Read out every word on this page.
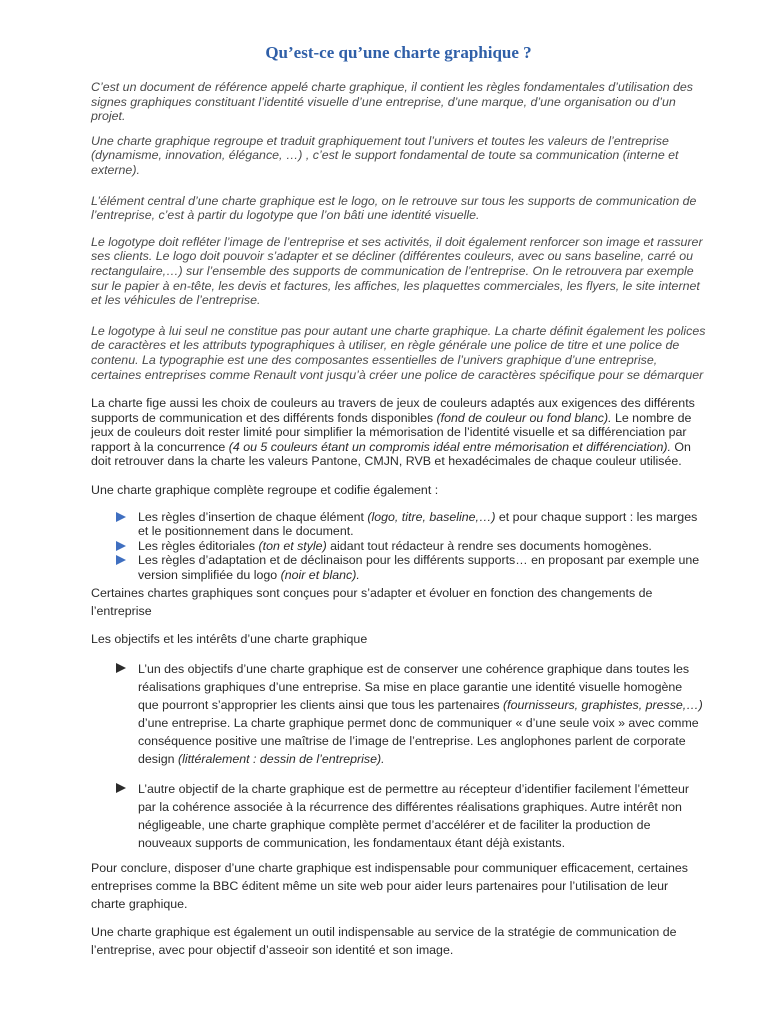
Qu’est-ce qu’une charte graphique ?

C’est un document de référence appelé charte graphique, il contient les règles fondamentales d’utilisation des signes graphiques constituant l’identité visuelle d’une entreprise, d’une marque, d’une organisation ou d’un projet.

Une charte graphique regroupe et traduit graphiquement tout l’univers et toutes les valeurs de l’entreprise (dynamisme, innovation, élégance, …) , c’est le support fondamental de toute sa communication (interne et externe).

L’élément central d’une charte graphique est le logo, on le retrouve sur tous les supports de communication de l’entreprise, c’est à partir du logotype que l’on bâti une identité visuelle.

Le logotype doit refléter l’image de l’entreprise et ses activités, il doit également renforcer son image et rassurer ses clients. Le logo doit pouvoir s’adapter et se décliner (différentes couleurs, avec ou sans baseline, carré ou rectangulaire,…) sur l’ensemble des supports de communication de l’entreprise. On le retrouvera par exemple sur le papier à en-tête, les devis et factures, les affiches, les plaquettes commerciales, les flyers, le site internet et les véhicules de l’entreprise.

Le logotype à lui seul ne constitue pas pour autant une charte graphique. La charte définit également les polices de caractères et les attributs typographiques à utiliser, en règle générale une police de titre et une police de contenu. La typographie est une des composantes essentielles de l’univers graphique d’une entreprise, certaines entreprises comme Renault vont jusqu’à créer une police de caractères spécifique pour se démarquer

La charte fige aussi les choix de couleurs au travers de jeux de couleurs adaptés aux exigences des différents supports de communication et des différents fonds disponibles (fond de couleur ou fond blanc). Le nombre de jeux de couleurs doit rester limité pour simplifier la mémorisation de l’identité visuelle et sa différenciation par rapport à la concurrence (4 ou 5 couleurs étant un compromis idéal entre mémorisation et différenciation). On doit retrouver dans la charte les valeurs Pantone, CMJN, RVB et hexadécimales de chaque couleur utilisée.

Une charte graphique complète regroupe et codifie également :

Les règles d’insertion de chaque élément (logo, titre, baseline,…) et pour chaque support : les marges et le positionnement dans le document.
Les règles éditoriales (ton et style) aidant tout rédacteur à rendre ses documents homogènes.
Les règles d’adaptation et de déclinaison pour les différents supports… en proposant par exemple une version simplifiée du logo (noir et blanc).

Certaines chartes graphiques sont conçues pour s’adapter et évoluer en fonction des changements de l’entreprise

Les objectifs et les intérêts d’une charte graphique

L’un des objectifs d’une charte graphique est de conserver une cohérence graphique dans toutes les réalisations graphiques d’une entreprise. Sa mise en place garantie une identité visuelle homogène que pourront s’approprier les clients ainsi que tous les partenaires (fournisseurs, graphistes, presse,…) d’une entreprise. La charte graphique permet donc de communiquer « d’une seule voix » avec comme conséquence positive une maîtrise de l’image de l’entreprise. Les anglophones parlent de corporate design (littéralement : dessin de l’entreprise).
L’autre objectif de la charte graphique est de permettre au récepteur d’identifier facilement l’émetteur par la cohérence associée à la récurrence des différentes réalisations graphiques. Autre intérêt non négligeable, une charte graphique complète permet d’accélérer et de faciliter la production de nouveaux supports de communication, les fondamentaux étant déjà existants.

Pour conclure, disposer d’une charte graphique est indispensable pour communiquer efficacement, certaines entreprises comme la BBC éditent même un site web pour aider leurs partenaires pour l’utilisation de leur charte graphique.

Une charte graphique est également un outil indispensable au service de la stratégie de communication de l’entreprise, avec pour objectif d’asseoir son identité et son image.
